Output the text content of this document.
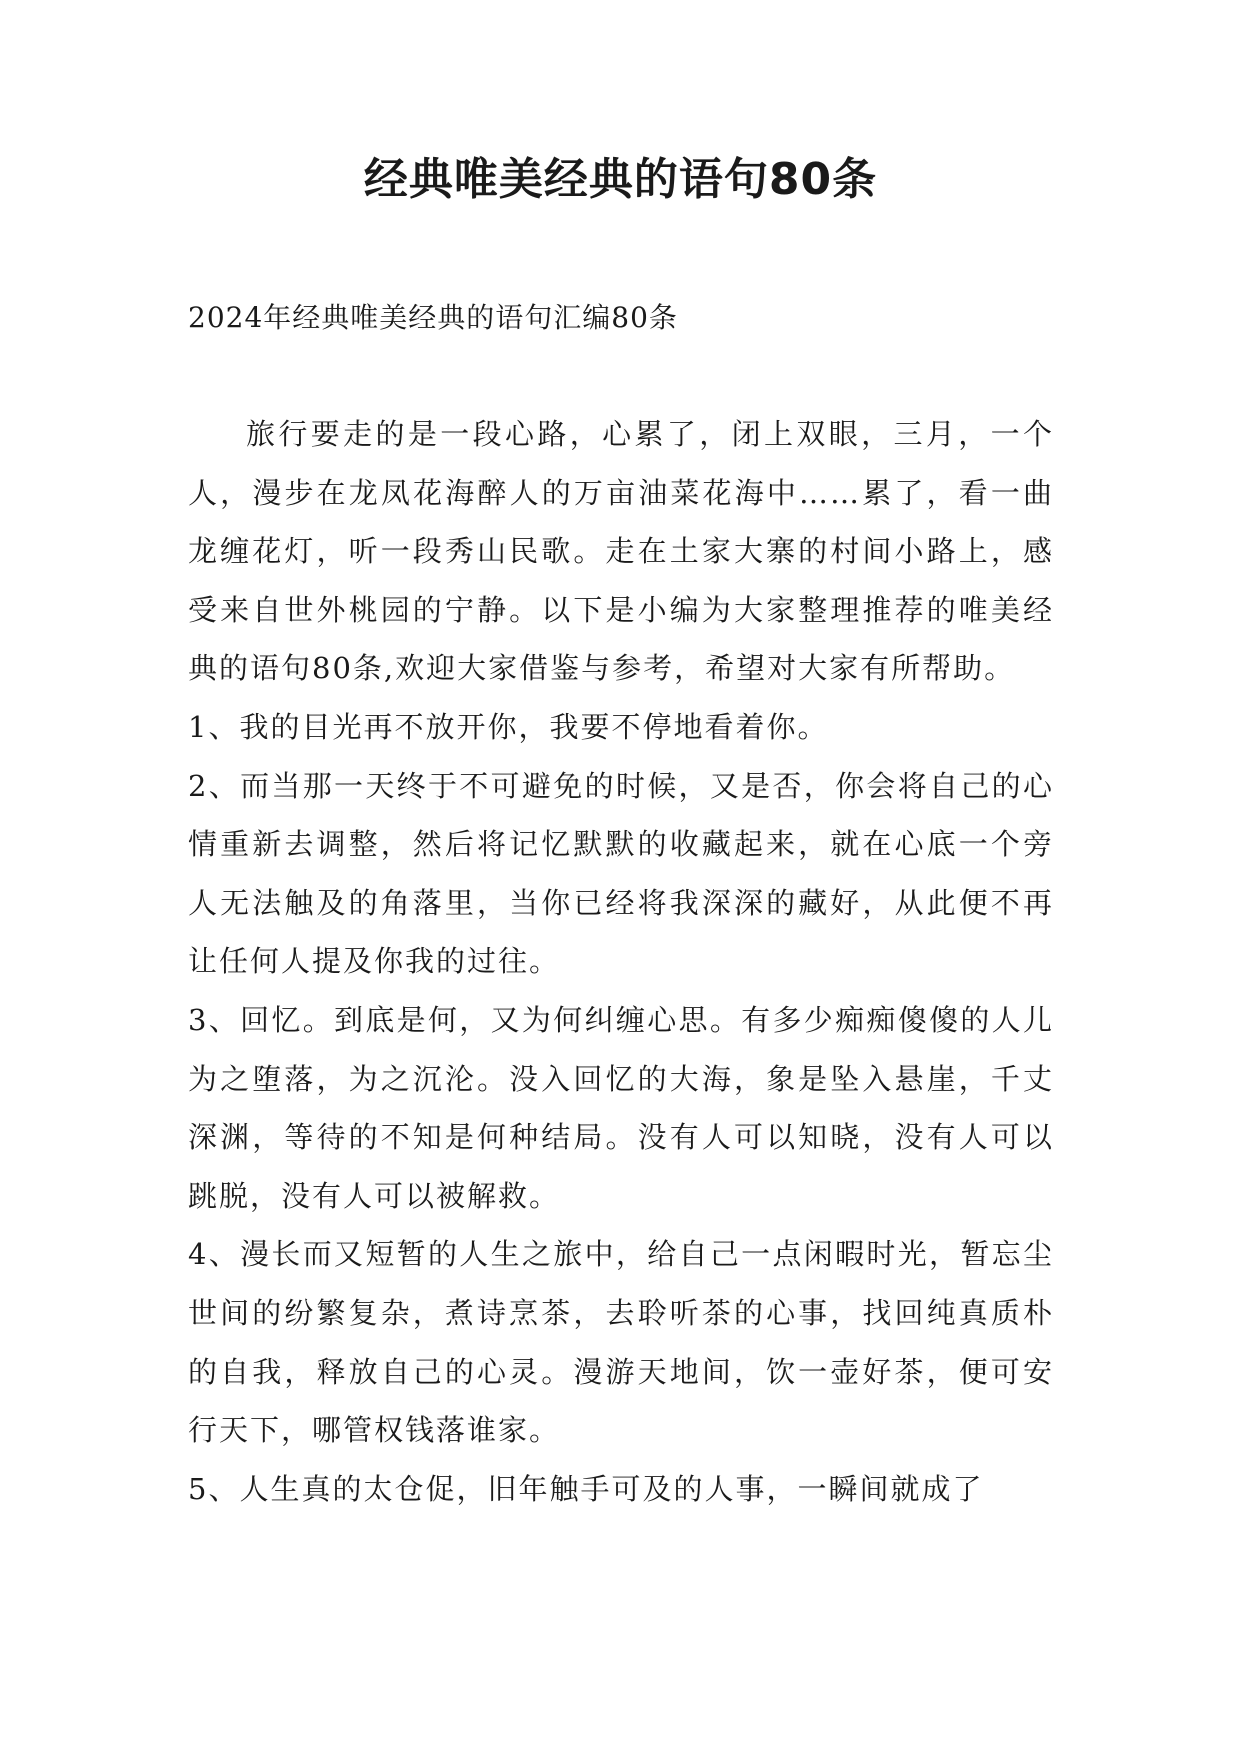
经典唯美经典的语句80条
2024年经典唯美经典的语句汇编80条

旅行要走的是一段心路，心累了，闭上双眼，三月，一个人，漫步在龙凤花海醉人的万亩油菜花海中……累了，看一曲龙缠花灯，听一段秀山民歌。走在土家大寨的村间小路上，感受来自世外桃园的宁静。以下是小编为大家整理推荐的唯美经典的语句80条,欢迎大家借鉴与参考，希望对大家有所帮助。

1、我的目光再不放开你，我要不停地看着你。

2、而当那一天终于不可避免的时候，又是否，你会将自己的心情重新去调整，然后将记忆默默的收藏起来，就在心底一个旁人无法触及的角落里，当你已经将我深深的藏好，从此便不再让任何人提及你我的过往。

3、回忆。到底是何，又为何纠缠心思。有多少痴痴傻傻的人儿为之堕落，为之沉沦。没入回忆的大海，象是坠入悬崖，千丈深渊，等待的不知是何种结局。没有人可以知晓，没有人可以跳脱，没有人可以被解救。

4、漫长而又短暂的人生之旅中，给自己一点闲暇时光，暂忘尘世间的纷繁复杂，煮诗烹茶，去聆听茶的心事，找回纯真质朴的自我，释放自己的心灵。漫游天地间，饮一壶好茶，便可安行天下，哪管权钱落谁家。

5、人生真的太仓促，旧年触手可及的人事，一瞬间就成了
